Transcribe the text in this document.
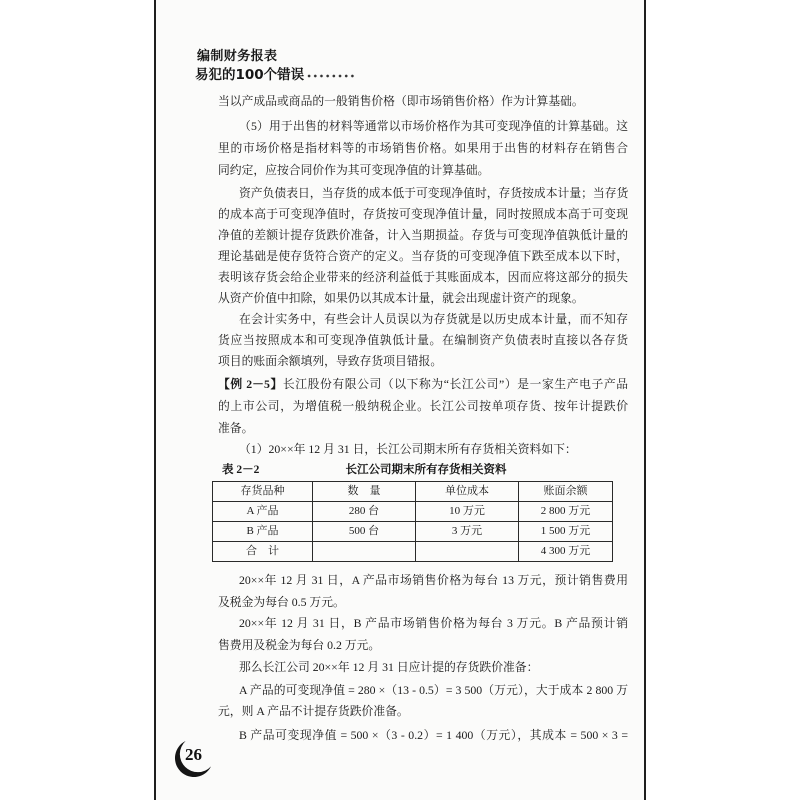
编制财务报表
易犯的100个错误
当以产成品或商品的一般销售价格（即市场销售价格）作为计算基础。
（5）用于出售的材料等通常以市场价格作为其可变现净值的计算基础。这
里的市场价格是指材料等的市场销售价格。如果用于出售的材料存在销售合
同约定，应按合同价作为其可变现净值的计算基础。
资产负债表日，当存货的成本低于可变现净值时，存货按成本计量；当存货
的成本高于可变现净值时，存货按可变现净值计量，同时按照成本高于可变现
净值的差额计提存货跌价准备，计入当期损益。存货与可变现净值孰低计量的
理论基础是使存货符合资产的定义。当存货的可变现净值下跌至成本以下时，
表明该存货会给企业带来的经济利益低于其账面成本，因而应将这部分的损失
从资产价值中扣除，如果仍以其成本计量，就会出现虚计资产的现象。
在会计实务中，有些会计人员误以为存货就是以历史成本计量，而不知存
货应当按照成本和可变现净值孰低计量。在编制资产负债表时直接以各存货
项目的账面余额填列，导致存货项目错报。
【例 2－5】长江股份有限公司（以下称为“长江公司”）是一家生产电子产品
的上市公司，为增值税一般纳税企业。长江公司按单项存货、按年计提跌价
准备。
（1）20××年 12 月 31 日，长江公司期末所有存货相关资料如下：
表 2－2	长江公司期末所有存货相关资料
存货品种	数　量	单位成本	账面余额
A 产品	280 台	10 万元	2 800 万元
B 产品	500 台	3 万元	1 500 万元
合　计			4 300 万元
20××年 12 月 31 日，A 产品市场销售价格为每台 13 万元，预计销售费用
及税金为每台 0.5 万元。
20××年 12 月 31 日，B 产品市场销售价格为每台 3 万元。B 产品预计销
售费用及税金为每台 0.2 万元。
那么长江公司 20××年 12 月 31 日应计提的存货跌价准备：
A 产品的可变现净值 = 280 ×（13 - 0.5）= 3 500（万元），大于成本 2 800 万
元，则 A 产品不计提存货跌价准备。
B 产品可变现净值 = 500 ×（3 - 0.2）= 1 400（万元），其成本 = 500 × 3 =
26
